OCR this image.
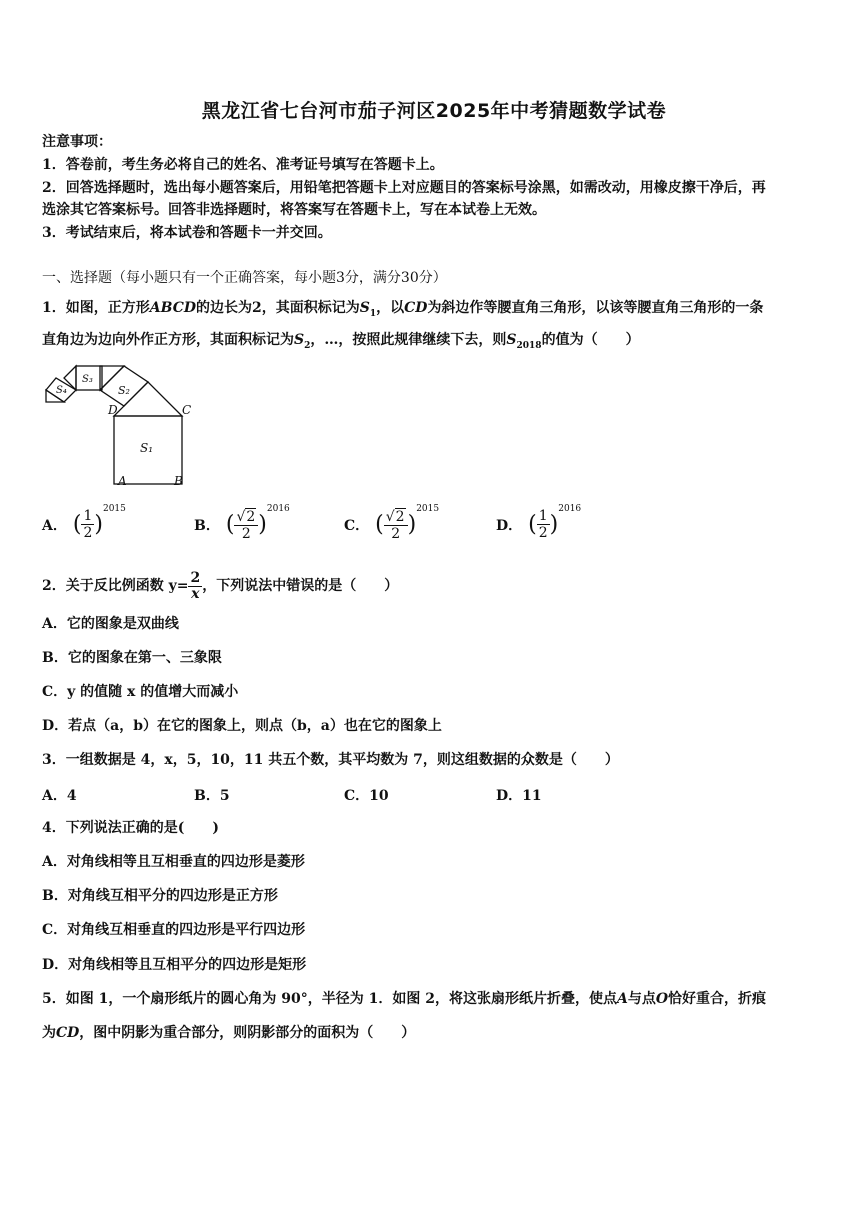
黑龙江省七台河市茄子河区2025年中考猜题数学试卷
注意事项：
1．答卷前，考生务必将自己的姓名、准考证号填写在答题卡上。
2．回答选择题时，选出每小题答案后，用铅笔把答题卡上对应题目的答案标号涂黑，如需改动，用橡皮擦干净后，再
选涂其它答案标号。回答非选择题时，将答案写在答题卡上，写在本试卷上无效。
3．考试结束后，将本试卷和答题卡一并交回。
一、选择题（每小题只有一个正确答案，每小题3分，满分30分）
1．如图，正方形ABCD的边长为2，其面积标记为$S_1$，以CD为斜边作等腰直角三角形，以该等腰直角三角形的一条
直角边为边向外作正方形，其面积标记为$S_2$，…，按照此规律继续下去，则$S_{2018}$的值为（　　）
S₄
S₃
S₂
S₁
D	C
A	B
A． ( $\frac{1}{2} )2015$
B． ( $\frac{√2}{2} )2016$
C． ( $\frac{√2}{2} )2015$
D． ( $\frac{1}{2} )2016$
2．关于反比例函数 $y= \frac{2}{x}$ ，下列说法中错误的是（　　）
A．它的图象是双曲线
B．它的图象在第一、三象限
C．y 的值随 x 的值增大而减小
D．若点（a，b）在它的图象上，则点（b，a）也在它的图象上
3．一组数据是 4，x，5，10，11 共五个数，其平均数为 7，则这组数据的众数是（　　）
A．4	B．5	C．10	D．11
4．下列说法正确的是(　　)
A．对角线相等且互相垂直的四边形是菱形
B．对角线互相平分的四边形是正方形
C．对角线互相垂直的四边形是平行四边形
D．对角线相等且互相平分的四边形是矩形
5．如图 1，一个扇形纸片的圆心角为 90°，半径为 1．如图 2，将这张扇形纸片折叠，使点A与点O恰好重合，折痕
为CD，图中阴影为重合部分，则阴影部分的面积为（　　）
